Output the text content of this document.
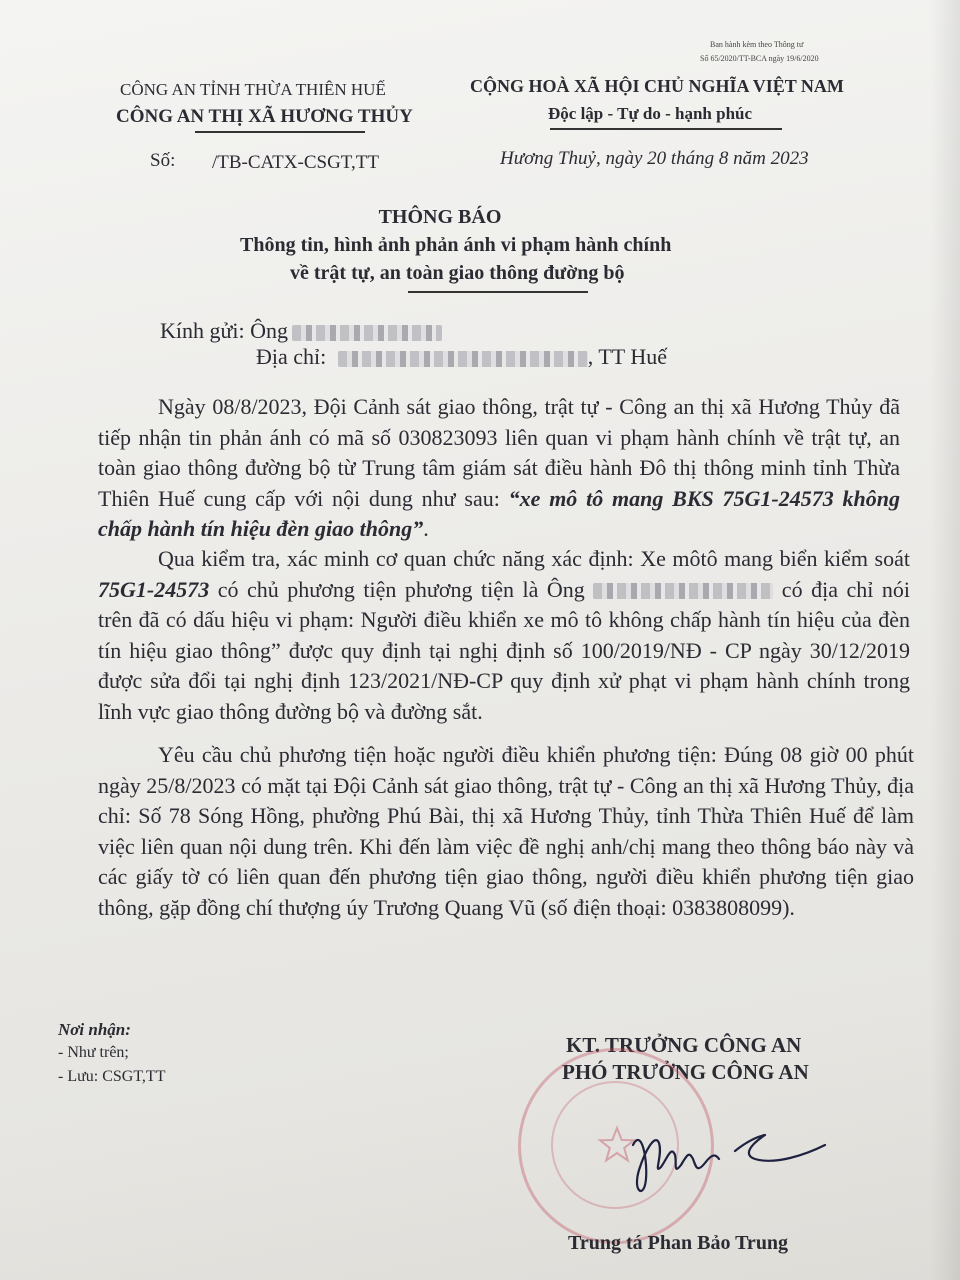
Ban hành kèm theo Thông tư
Số 65/2020/TT-BCA ngày 19/6/2020
CÔNG AN TỈNH THỪA THIÊN HUẾ
CÔNG AN THỊ XÃ HƯƠNG THỦY
CỘNG HOÀ XÃ HỘI CHỦ NGHĨA VIỆT NAM
Độc lập - Tự do - hạnh phúc
Số: /TB-CATX-CSGT,TT	Hương Thuỷ, ngày 20 tháng 8 năm 2023
THÔNG BÁO
Thông tin, hình ảnh phản ánh vi phạm hành chính
về trật tự, an toàn giao thông đường bộ
Kính gửi: Ông
Địa chỉ:	, TT Huế
Ngày 08/8/2023, Đội Cảnh sát giao thông, trật tự - Công an thị xã Hương Thủy đã tiếp nhận tin phản ánh có mã số 030823093 liên quan vi phạm hành chính về trật tự, an toàn giao thông đường bộ từ Trung tâm giám sát điều hành Đô thị thông minh tỉnh Thừa Thiên Huế cung cấp với nội dung như sau: “xe mô tô mang BKS 75G1-24573 không chấp hành tín hiệu đèn giao thông”.
Qua kiểm tra, xác minh cơ quan chức năng xác định: Xe môtô mang biển kiểm soát 75G1-24573 có chủ phương tiện phương tiện là Ông	có địa chỉ nói trên đã có dấu hiệu vi phạm: Người điều khiển xe mô tô không chấp hành tín hiệu của đèn tín hiệu giao thông” được quy định tại nghị định số 100/2019/NĐ - CP ngày 30/12/2019 được sửa đổi tại nghị định 123/2021/NĐ-CP quy định xử phạt vi phạm hành chính trong lĩnh vực giao thông đường bộ và đường sắt.
Yêu cầu chủ phương tiện hoặc người điều khiển phương tiện: Đúng 08 giờ 00 phút ngày 25/8/2023 có mặt tại Đội Cảnh sát giao thông, trật tự - Công an thị xã Hương Thủy, địa chỉ: Số 78 Sóng Hồng, phường Phú Bài, thị xã Hương Thủy, tỉnh Thừa Thiên Huế để làm việc liên quan nội dung trên. Khi đến làm việc đề nghị anh/chị mang theo thông báo này và các giấy tờ có liên quan đến phương tiện giao thông, người điều khiển phương tiện giao thông, gặp đồng chí thượng úy Trương Quang Vũ (số điện thoại: 0383808099).
Nơi nhận:
- Như trên;
- Lưu: CSGT,TT
KT. TRƯỞNG CÔNG AN
PHÓ TRƯỞNG CÔNG AN
Trung tá Phan Bảo Trung
